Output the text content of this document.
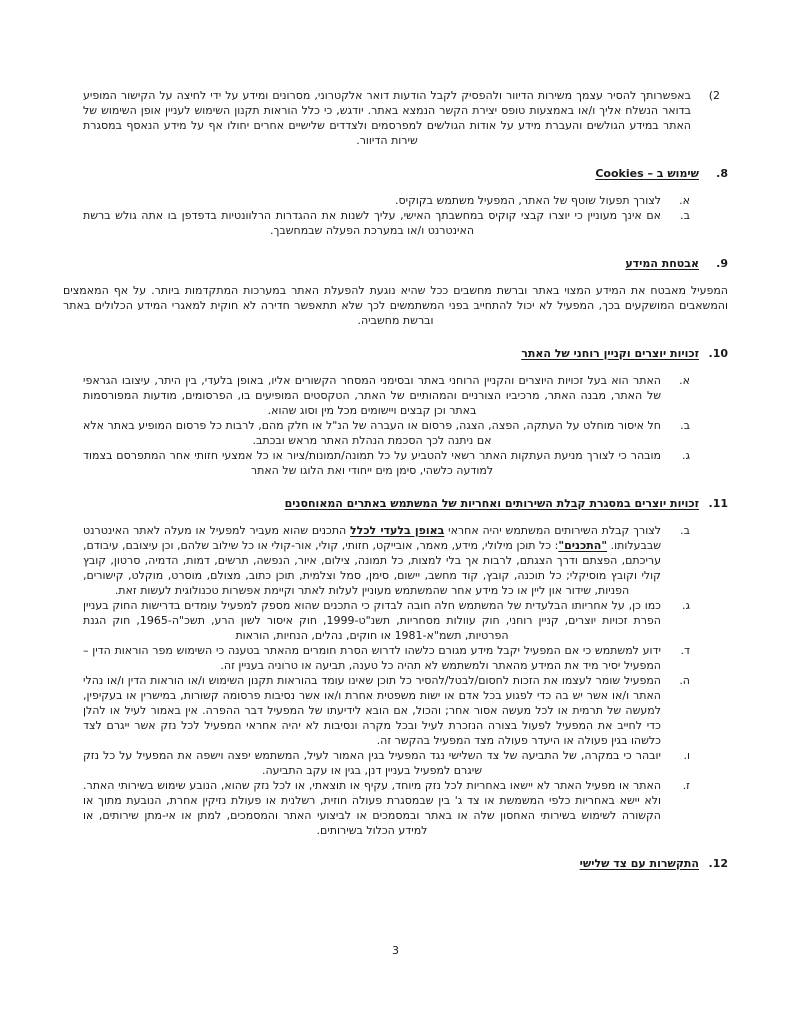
2)

באפשרותך להסיר עצמך משירות הדיוור ולהפסיק לקבל הודעות דואר אלקטרוני, מסרונים ומידע על ידי לחיצה על הקישור המופיע בדואר הנשלח אליך ו/או באמצעות טופס יצירת הקשר הנמצא באתר. יודגש, כי כלל הוראות תקנון השימוש לעניין אופן השימוש של האתר במידע הגולשים והעברת מידע על אודות הגולשים למפרסמים ולצדדים שלישיים אחרים יחולו אף על מידע הנאסף במסגרת שירות הדיוור.

8.
שימוש ב – Cookies
א.

לצורך תפעול שוטף של האתר, המפעיל משתמש בקוקיס.

ב.

אם אינך מעוניין כי יוצרו קבצי קוקיס במחשבתך האישי, עליך לשנות את ההגדרות הרלוונטיות בדפדפן בו אתה גולש ברשת האינטרנט ו/או במערכת הפעלה שבמחשבך.

9.
אבטחת המידע

המפעיל מאבטח את המידע המצוי באתר וברשת מחשבים ככל שהיא נוגעת להפעלת האתר במערכות המתקדמות ביותר. על אף המאמצים והמשאבים המושקעים בכך, המפעיל לא יכול להתחייב בפני המשתמשים לכך שלא תתאפשר חדירה לא חוקית למאגרי המידע הכלולים באתר וברשת מחשביה.

10.
זכויות יוצרים וקניין רוחני של האתר
א.

האתר הוא בעל זכויות היוצרים והקניין הרוחני באתר ובסימני המסחר הקשורים אליו, באופן בלעדי, בין היתר, עיצובו הגראפי של האתר, מבנה האתר, מרכיביו הצורניים והמהותיים של האתר, הטקסטים המופיעים בו, הפרסומים, מודעות המפורסמות באתר וכן קבצים ויישומים מכל מין וסוג שהוא.

ב.

חל איסור מוחלט על העתקה, הפצה, הצגה, פרסום או העברה של הנ"ל או חלק מהם, לרבות כל פרסום המופיע באתר אלא אם ניתנה לכך הסכמת הנהלת האתר מראש ובכתב.

ג.

מובהר כי לצורך מניעת העתקות האתר רשאי להטביע על כל תמונה/תמונות/ציור או כל אמצעי חזותי אחר המתפרסם בצמוד למודעה כלשהי, סימן מים ייחודי ואת הלוגו של האתר

11.
זכויות יוצרים במסגרת קבלת השירותים ואחריות של המשתמש באתרים המאוחסנים
ב.

לצורך קבלת השירותים המשתמש יהיה אחראי באופן בלעדי לכלל התכנים שהוא מעביר למפעיל או מעלה לאתר האינטרנט שבבעלותו. "התכנים": כל תוכן מילולי, מידע, מאמר, אובייקט, חזותי, קולי, אור-קולי או כל שילוב שלהם, וכן עיצובם, עיבודם, עריכתם, הפצתם ודרך הצגתם, לרבות אך בלי למצות, כל תמונה, צילום, איור, הנפשה, תרשים, דמות, הדמיה, סרטון, קובץ קולי וקובץ מוסיקלי; כל תוכנה, קובץ, קוד מחשב, יישום, סימן, סמל וצלמית, תוכן כתוב, מצולם, מוסרט, מוקלט, קישורים, הפניות, שידור און ליין או כל מידע אחר שהמשתמש מעוניין לעלות לאתר וקיימת אפשרות טכנולוגית לעשות זאת.

ג.

כמו כן, על אחריותו הבלעדית של המשתמש חלה חובה לבדוק כי התכנים שהוא מספק למפעיל עומדים בדרישות החוק בעניין הפרת זכויות יוצרים, קניין רוחני, חוק עוולות מסחריות, תשנ"ט-1999, חוק איסור לשון הרע, תשכ"ה-1965, חוק הגנת הפרטיות, תשמ"א-1981 או חוקים, נהלים, הנחיות, הוראות

ד.

ידוע למשתמש כי אם המפעיל יקבל מידע מגורם כלשהו לדרוש הסרת חומרים מהאתר בטענה כי השימוש מפר הוראות הדין – המפעיל יסיר מיד את המידע מהאתר ולמשתמש לא תהיה כל טענה, תביעה או טרוניה בעניין זה.

ה.

המפעיל שומר לעצמו את הזכות לחסום/לבטל/להסיר כל תוכן שאינו עומד בהוראות תקנון השימוש ו/או הוראות הדין ו/או נהלי האתר ו/או אשר יש בה כדי לפגוע בכל אדם או ישות משפטית אחרת ו/או אשר נסיבות פרסומה קשורות, במישרין או בעקיפין, למעשה של תרמית או לכל מעשה אסור אחר; והכול, אם הובא לידיעתו של המפעיל דבר ההפרה. אין באמור לעיל או להלן כדי לחייב את המפעיל לפעול בצורה הנזכרת לעיל ובכל מקרה ונסיבות לא יהיה אחראי המפעיל לכל נזק אשר ייגרם לצד כלשהו בגין פעולה או היעדר פעולה מצד המפעיל בהקשר זה.

ו.

יובהר כי במקרה, של התביעה של צד השלישי נגד המפעיל בגין האמור לעיל, המשתמש יפצה וישפה את המפעיל על כל נזק שיגרם למפעיל בעניין דנן, בגין או עקב התביעה.

ז.

האתר או מפעיל האתר לא יישאו באחריות לכל נזק מיוחד, עקיף או תוצאתי, או לכל נזק שהוא, הנובע שימוש בשירותי האתר. ולא יישא באחריות כלפי המשמשת או צד ג' בין שבמסגרת פעולה חוזית, רשלנית או פעולת נזיקין אחרת, הנובעת מתוך או הקשורה לשימוש בשירותי האחסון שלה או באתר ובמסמכים או לביצועי האתר והמסמכים, למתן או אי-מתן שירותים, או למידע הכלול בשירותים.

12.
התקשרות עם צד שלישי
3
